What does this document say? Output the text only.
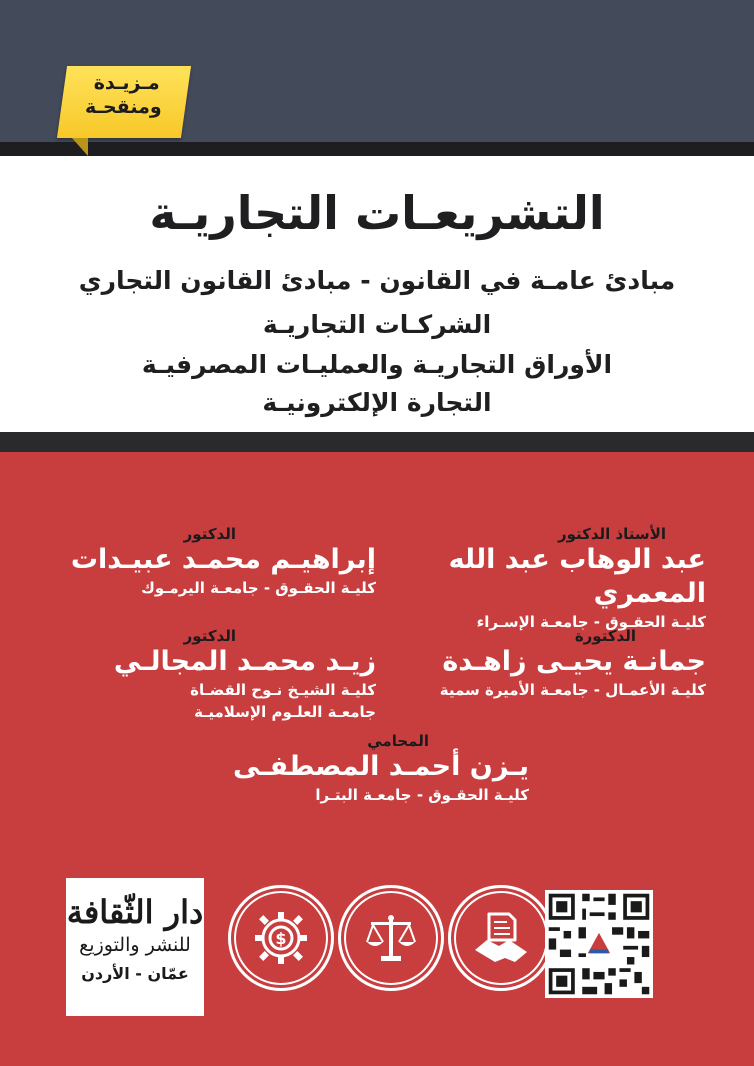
مـزيـدة
ومنقحـة
التشريعـات التجاريـة
مبادئ عامـة في القانون - مبادئ القانون التجاري
الشركـات التجاريـة
الأوراق التجاريـة والعمليـات المصرفيـة
التجارة الإلكترونيـة
الأستاذ الدكتور
عبد الوهاب عبد الله المعمري
كليـة الحقـوق - جامعـة الإسـراء
الدكتور
إبراهيـم محمـد عبيـدات
كليـة الحقـوق - جامعـة اليرمـوك
الدكتورة
جمانـة يحيـى زاهـدة
كليـة الأعمـال - جامعـة الأميرة سمية
الدكتور
زيـد محمـد المجالـي
كليـة الشيـخ نـوح القضـاة
جامعـة العلـوم الإسلاميـة
المحامي
يـزن أحمـد المصطفـى
كليـة الحقـوق - جامعـة البتـرا
$
دار الثّقافة
للنشر والتوزيع
عمّان - الأردن
